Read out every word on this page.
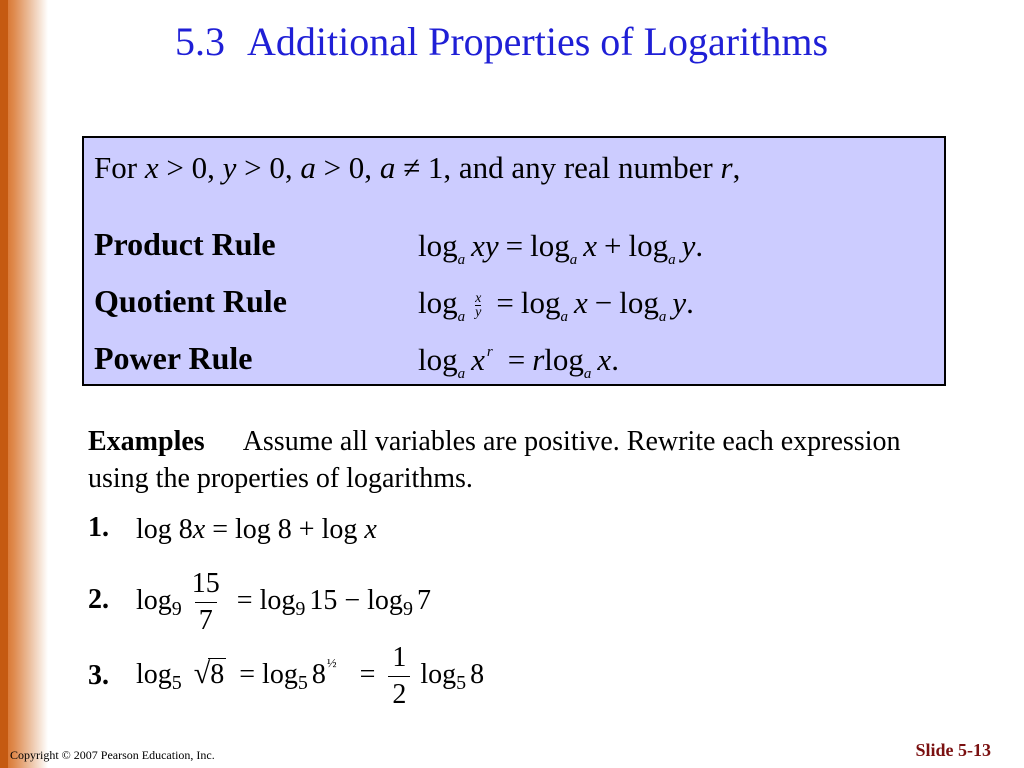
5.3 Additional Properties of Logarithms
For x > 0, y > 0, a > 0, a ≠ 1, and any real number r,
Product Rule	$\log_a$ xy = $\log_a x + \log_a y$.
Quotient Rule	$\log_a \frac{x}{y} = \log_a x - \log_a y$.
Power Rule	$\log_a x$ $^r$ = rlog$_a$ x.
Examples Assume all variables are positive. Rewrite each expression using the properties of logarithms.
1. log 8x = log 8 + log x
2. $\log_9 \frac{15}{7} = \log_9 15 - \log_9 7$
3. $\log_5 √8 = \log_5 8^{\frac{1}{2}} = \frac{1}{2} \log_5 8$
Copyright © 2007 Pearson Education, Inc.	Slide 5-13
